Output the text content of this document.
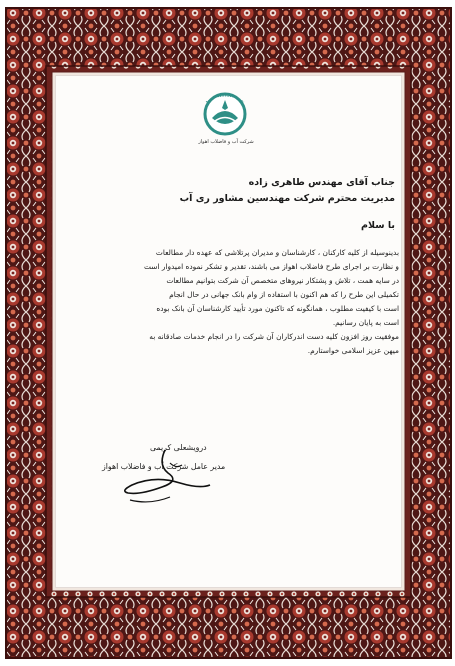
شرکت آب و فاضلاب اهواز
جناب آقای مهندس طاهری زاده
مدیریت محترم شرکت مهندسین مشاور ری آب
با سلام
بدینوسیله از کلیه کارکنان ، کارشناسان و مدیران پرتلاشی که عهده دار مطالعات
و نظارت بر اجرای طرح فاضلاب اهواز می باشند، تقدیر و تشکر نموده امیدوار است
در سایه همت ، تلاش و پشتکار نیروهای متخصص آن شرکت بتوانیم مطالعات
تکمیلی این طرح را که هم اکنون با استفاده از وام بانک جهانی در حال انجام
است با کیفیت مطلوب ، همانگونه که تاکنون مورد تأیید کارشناسان آن بانک بوده
است به پایان رسانیم.
موفقیت روز افزون کلیه دست اندرکاران آن شرکت را در انجام خدمات صادقانه به
میهن عزیز اسلامی خواستارم.
درویشعلی کریمی
مدیر عامل شرکت آب و فاضلاب اهواز
